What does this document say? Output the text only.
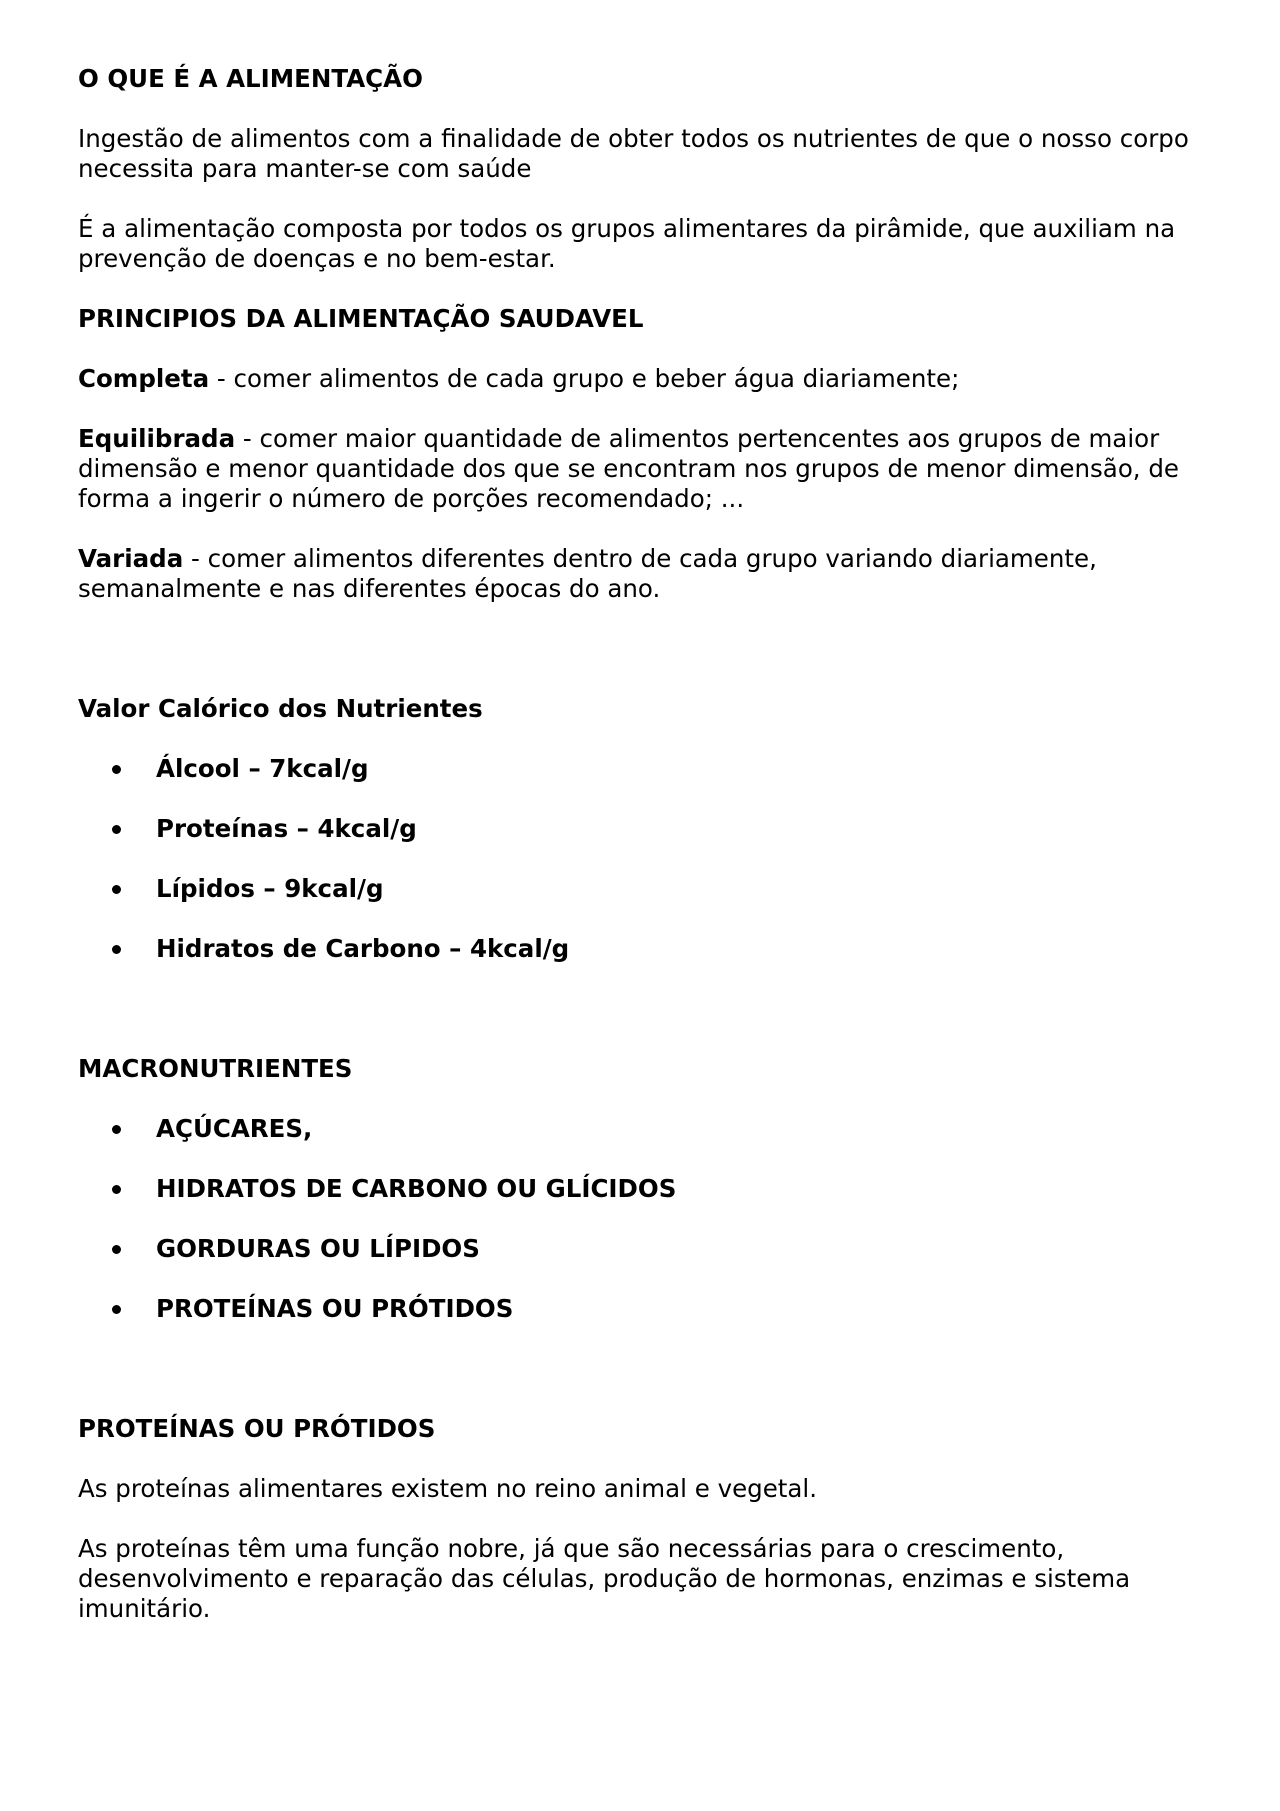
O QUE É A ALIMENTAÇÃO

Ingestão de alimentos com a finalidade de obter todos os nutrientes de que o nosso corpo necessita para manter-se com saúde

É a alimentação composta por todos os grupos alimentares da pirâmide, que auxiliam na prevenção de doenças e no bem-estar.

PRINCIPIOS DA ALIMENTAÇÃO SAUDAVEL

Completa - comer alimentos de cada grupo e beber água diariamente;

Equilibrada - comer maior quantidade de alimentos pertencentes aos grupos de maior dimensão e menor quantidade dos que se encontram nos grupos de menor dimensão, de forma a ingerir o número de porções recomendado; ...

Variada - comer alimentos diferentes dentro de cada grupo variando diariamente, semanalmente e nas diferentes épocas do ano.

Valor Calórico dos Nutrientes

Álcool – 7kcal/g
Proteínas – 4kcal/g
Lípidos – 9kcal/g
Hidratos de Carbono – 4kcal/g

MACRONUTRIENTES

AÇÚCARES,
HIDRATOS DE CARBONO OU GLÍCIDOS
GORDURAS OU LÍPIDOS
PROTEÍNAS OU PRÓTIDOS

PROTEÍNAS OU PRÓTIDOS

As proteínas alimentares existem no reino animal e vegetal.

As proteínas têm uma função nobre, já que são necessárias para o crescimento, desenvolvimento e reparação das células, produção de hormonas, enzimas e sistema imunitário.
